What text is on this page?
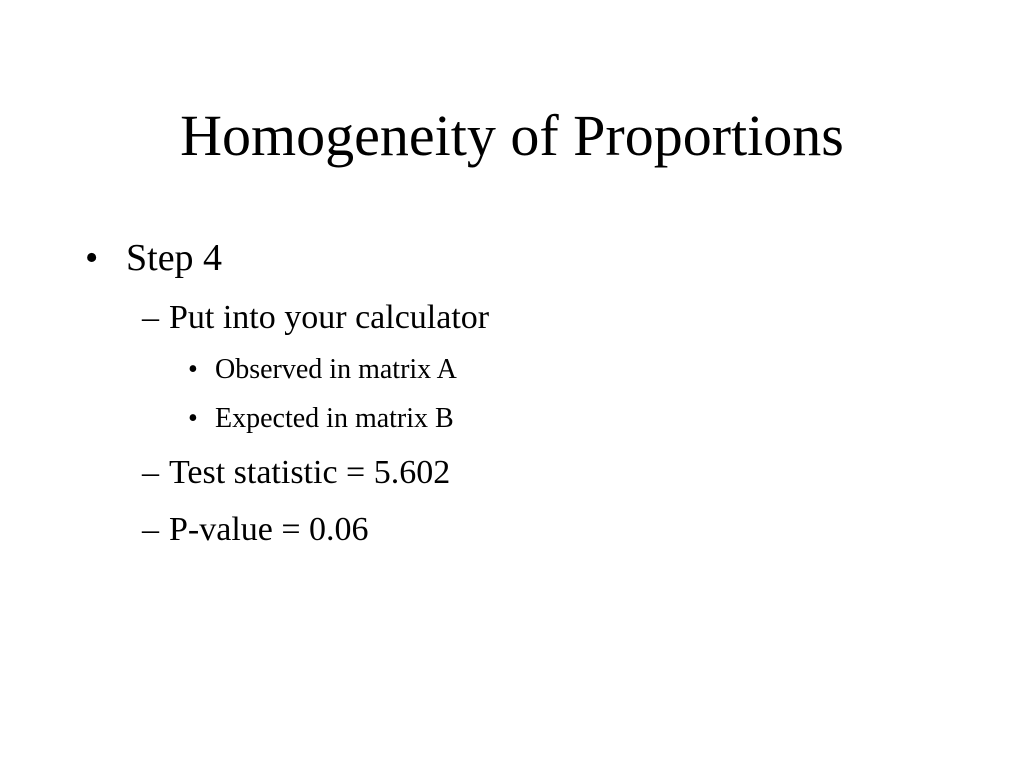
Homogeneity of Proportions
• Step 4
– Put into your calculator
• Observed in matrix A
• Expected in matrix B
– Test statistic = 5.602
– P-value = 0.06
